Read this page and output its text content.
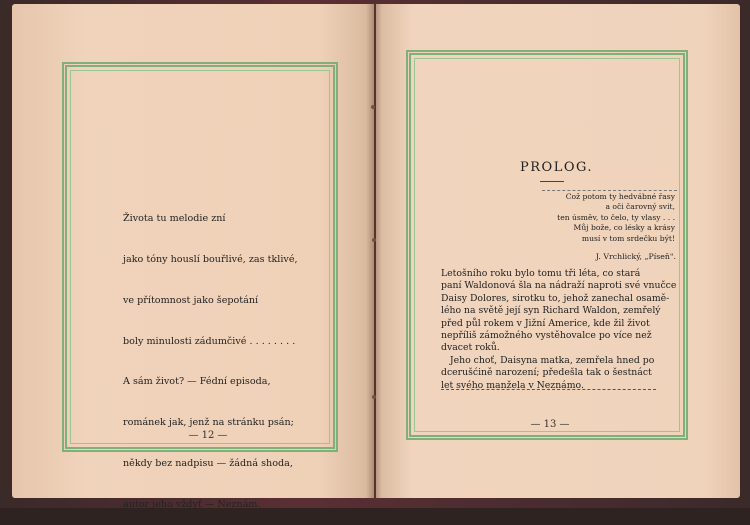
Života tu melodie zní

jako tóny houslí bouřlivé, zas tklivé,

ve přítomnost jako šepotání

boly minulosti zádumčivé . . . . . . . .

A sám život? — Fédní episoda,

románek jak, jenž na stránku psán;

někdy bez nadpisu — žádná shoda,

autor jeho vždyť — Neznám.

— 12 —
PROLOG.
Což potom ty hedvábné řasy
a oči čarovný svit,
ten úsměv, to čelo, ty vlasy . . .
Můj bože, co lésky a krásy
musí v tom srdečku být!
J. Vrchlický, „Píseň".
Letošního roku bylo tomu tři léta, co stará
paní Waldonová šla na nádraží naproti své vnučce
Daisy Dolores, sirotku to, jehož zanechal osamě-
lého na světě její syn Richard Waldon, zemřelý
před půl rokem v Jižní Americe, kde žil život
nepříliš zámožného vystěhovalce po více než
dvacet roků.
Jeho choť, Daisyna matka, zemřela hned po
dcerušćině narození; předešla tak o šestnáct
let svého manžela v Neznámo.
— 13 —
